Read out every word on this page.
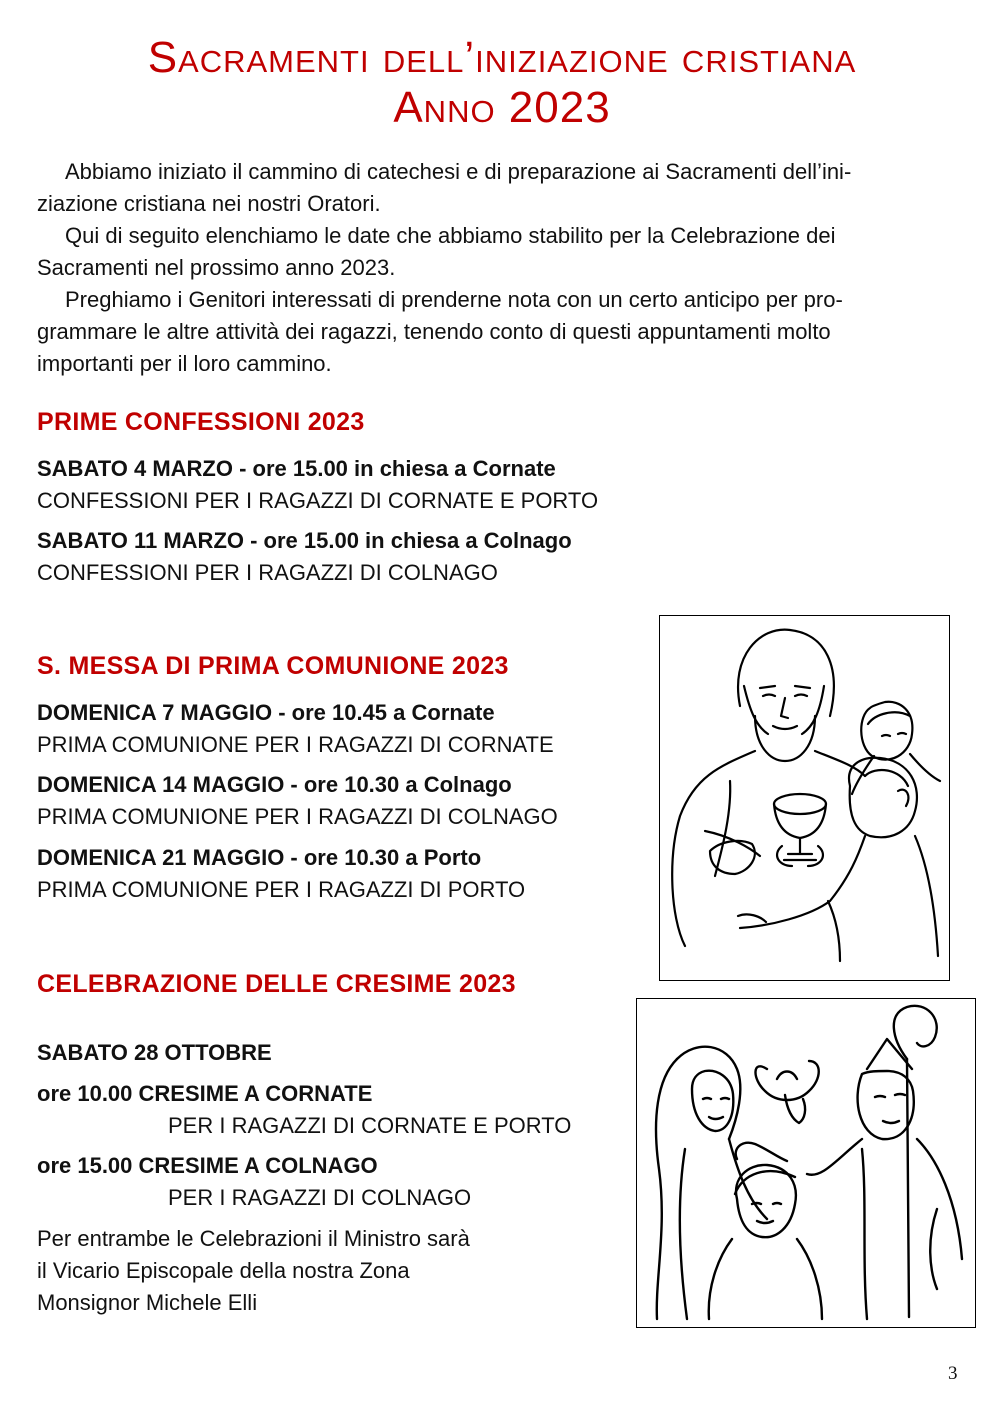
Sacramenti dell’iniziazione cristiana
Anno 2023

Abbiamo iniziato il cammino di catechesi e di preparazione ai Sacramenti dell’ini-

ziazione cristiana nei nostri Oratori.

Qui di seguito elenchiamo le date che abbiamo stabilito per la Celebrazione dei

Sacramenti nel prossimo anno 2023.

Preghiamo i Genitori interessati di prenderne nota con un certo anticipo per pro-

grammare le altre attività dei ragazzi, tenendo conto di questi appuntamenti molto

importanti per il loro cammino.

PRIME CONFESSIONI 2023

SABATO 4 MARZO - ore 15.00 in chiesa a Cornate

CONFESSIONI PER I RAGAZZI DI CORNATE E PORTO

SABATO 11 MARZO - ore 15.00 in chiesa a Colnago

CONFESSIONI PER I RAGAZZI DI COLNAGO

S. MESSA DI PRIMA COMUNIONE 2023

DOMENICA 7 MAGGIO - ore 10.45 a Cornate

PRIMA COMUNIONE PER I RAGAZZI DI CORNATE

DOMENICA 14 MAGGIO - ore 10.30 a Colnago

PRIMA COMUNIONE PER I RAGAZZI DI COLNAGO

DOMENICA 21 MAGGIO - ore 10.30 a Porto

PRIMA COMUNIONE PER I RAGAZZI DI PORTO

CELEBRAZIONE DELLE CRESIME 2023

SABATO 28 OTTOBRE

ore 10.00 CRESIME A CORNATE

PER I RAGAZZI DI CORNATE E PORTO

ore 15.00 CRESIME A COLNAGO

PER I RAGAZZI DI COLNAGO

Per entrambe le Celebrazioni il Ministro sarà

il Vicario Episcopale della nostra Zona

Monsignor Michele Elli

3
